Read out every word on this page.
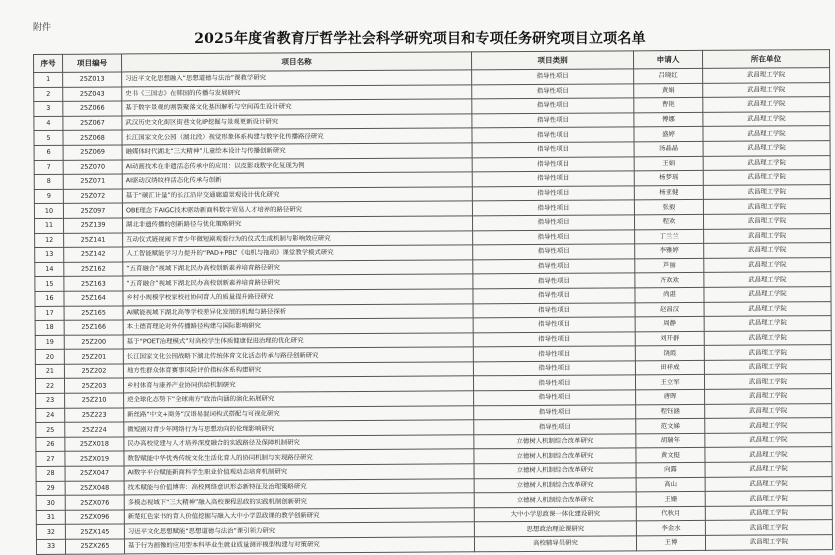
附件
2025年度省教育厅哲学社会科学研究项目和专项任务研究项目立项名单
序号	项目编号	项目名称	项目类别	申请人	所在单位
1	25Z013	习近平文化思想融入“思想道德与法治”课教学研究	指导性项目	吕晓红	武昌理工学院
2	25Z043	史书《三国志》在韩国的传播与发展研究	指导性项目	黄娟	武昌理工学院
3	25Z066	基于数字景观的割裂聚落文化基因解析与空间再生设计研究	指导性项目	曹艳	武昌理工学院
4	25Z067	武汉历史文化街区街巷文化IP挖掘与景观更新设计研究	指导性项目	傅娜	武昌理工学院
5	25Z068	长江国家文化公园（湖北段）视觉形象体系构建与数字化传播路径研究	指导性项目	盛婷	武昌理工学院
6	25Z069	融媒体时代湖北“三大精神”儿童绘本设计与传播创新研究	指导性项目	汤晶晶	武昌理工学院
7	25Z070	AI动画技术在非遗活态传承中的应用：以皮影戏数字化复现为例	指导性项目	王娟	武昌理工学院
8	25Z071	AI驱动汉绣纹样活态化传承与创新	指导性项目	杨梦瑶	武昌理工学院
9	25Z072	基于“碳汇计量”的长江沿岸交通廊道景观设计优化研究	指导性项目	杨亚健	武昌理工学院
10	25Z097	OBE理念下AIGC技术驱动新商科数字贸易人才培养的路径研究	指导性项目	张毅	武昌理工学院
11	25Z139	湖北非遗传播的创新路径与优化策略研究	指导性项目	程欢	武昌理工学院
12	25Z141	互动仪式链视阈下青少年微短剧观看行为的仪式生成机制与影响效应研究	指导性项目	丁兰兰	武昌理工学院
13	25Z142	人工智能赋能学习力提升的“PAD+PBL”《电机与拖动》课堂教学模式研究	指导性项目	李雅婷	武昌理工学院
14	25Z162	“五育融合”视域下湖北民办高校创新素养培育路径研究	指导性项目	芦丽	武昌理工学院
15	25Z163	“五育融合”视域下湖北民办高校创新素养培育路径研究	指导性项目	齐欢欢	武昌理工学院
16	25Z164	乡村小规模学校家校社协同育人的质量提升路径研究	指导性项目	尚湛	武昌理工学院
17	25Z165	AI赋能视域下湖北高等学校差异化发展的机理与路径探析	指导性项目	赵昌汉	武昌理工学院
18	25Z166	本土德育理论对外传播路径构建与国际影响研究	指导性项目	周静	武昌理工学院
19	25Z200	基于“POET治理模式”对高校学生体质健康促进治理的优化研究	指导性项目	刘开群	武昌理工学院
20	25Z201	长江国家文化公园战略下湖北传统体育文化活态传承与路径创新研究	指导性项目	饶霞	武昌理工学院
21	25Z202	地方性群众体育赛事风险评价指标体系构建研究	指导性项目	田祥成	武昌理工学院
22	25Z203	乡村体育与康养产业协同供给机制研究	指导性项目	王立军	武昌理工学院
23	25Z210	逆全球化态势下“全球南方”政治向涵的演化拓展研究	指导性项目	唐晖	武昌理工学院
24	25Z223	新丝路“中文+商务”汉语易混词构式搭配与可视化研究	指导性项目	程钰涵	武昌理工学院
25	25Z224	微短剧对青少年网络行为与思想动向的伦理影响研究	指导性项目	范文娣	武昌理工学院
26	25ZX018	民办高校党建与人才培养深度融合的实践路径及保障机制研究	立德树人机制综合改革研究	胡瑞年	武昌理工学院
27	25ZX019	数智赋能中华优秀传统文化生活化育人的协同机制与实现路径研究	立德树人机制综合改革研究	黄文挺	武昌理工学院
28	25ZX047	AI数字平台赋能新商科学生职业价值观动态培育机制研究	立德树人机制综合改革研究	向露	武昌理工学院
29	25ZX048	技术赋能与价值博弈：高校网络意识形态新特征及治理策略研究	立德树人机制综合改革研究	高山	武昌理工学院
30	25ZX076	多模态视域下“三大精神”融入高校课程思政的实践机制创新研究	立德树人机制综合改革研究	王姗	武昌理工学院
31	25ZX096	新楚红色家书的育人价值挖掘与融入大中小学思政课的教学创新研究	大中小学思政课一体化建设研究	代秋月	武昌理工学院
32	25ZX145	习近平文化思想赋能“思想道德与法治”课引领力研究	思想政治理论课研究	李金水	武昌理工学院
33	25ZX265	基于行为画像的应用型本科毕业生就业质量测评模型构建与对策研究	高校辅导员研究	王博	武昌理工学院
